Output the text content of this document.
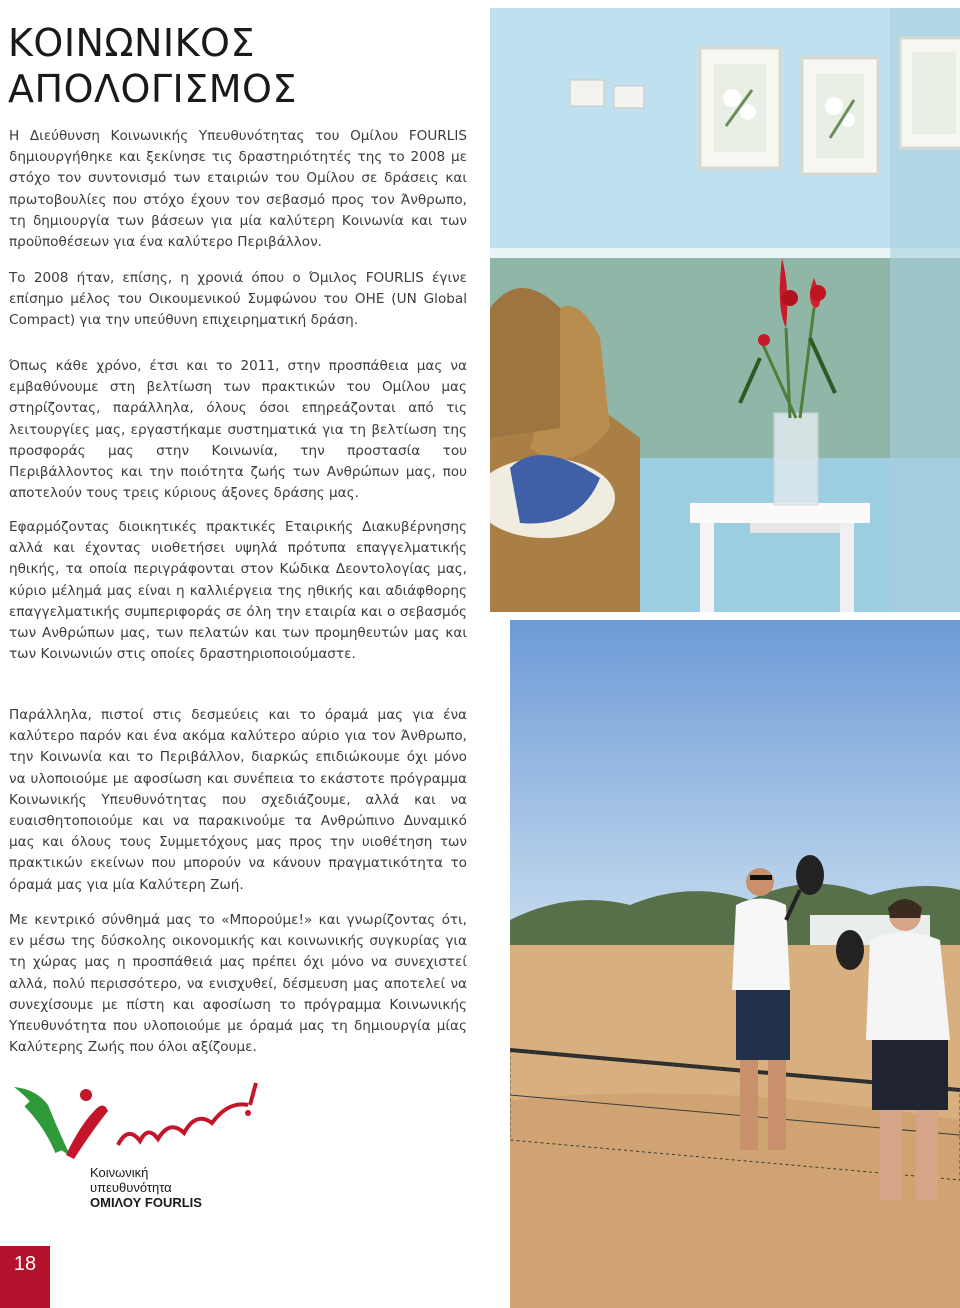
ΚΟΙΝΩΝΙΚΟΣ ΑΠΟΛΟΓΙΣΜΟΣ

Η Διεύθυνση Κοινωνικής Υπευθυνότητας του Ομίλου FOURLIS δημιουργήθηκε και ξεκίνησε τις δραστηριότητές της το 2008 με στόχο τον συντονισμό των εταιριών του Ομίλου σε δράσεις και πρωτοβουλίες που στόχο έχουν τον σεβασμό προς τον Άνθρωπο, τη δημιουργία των βάσεων για μία καλύτερη Κοινωνία και των προϋποθέσεων για ένα καλύτερο Περιβάλλον.

Το 2008 ήταν, επίσης, η χρονιά όπου ο Όμιλος FOURLIS έγινε επίσημο μέλος του Οικουμενικού Συμφώνου του ΟΗΕ (UN Global Compact) για την υπεύθυνη επιχειρηματική δράση.

Όπως κάθε χρόνο, έτσι και το 2011, στην προσπάθεια μας να εμβαθύνουμε στη βελτίωση των πρακτικών του Ομίλου μας στηρίζοντας, παράλληλα, όλους όσοι επηρεάζονται από τις λειτουργίες μας, εργαστήκαμε συστηματικά για τη βελτίωση της προσφοράς μας στην Κοινωνία, την προστασία του Περιβάλλοντος και την ποιότητα ζωής των Ανθρώπων μας, που αποτελούν τους τρεις κύριους άξονες δράσης μας.

Εφαρμόζοντας διοικητικές πρακτικές Εταιρικής Διακυβέρνησης αλλά και έχοντας υιοθετήσει υψηλά πρότυπα επαγγελματικής ηθικής, τα οποία περιγράφονται στον Κώδικα Δεοντολογίας μας, κύριο μέλημά μας είναι η καλλιέργεια της ηθικής και αδιάφθορης επαγγελματικής συμπεριφοράς σε όλη την εταιρία και ο σεβασμός των Ανθρώπων μας, των πελατών και των προμηθευτών μας και των Κοινωνιών στις οποίες δραστηριοποιούμαστε.

Παράλληλα, πιστοί στις δεσμεύεις και το όραμά μας για ένα καλύτερο παρόν και ένα ακόμα καλύτερο αύριο για τον Άνθρωπο, την Κοινωνία και το Περιβάλλον, διαρκώς επιδιώκουμε όχι μόνο να υλοποιούμε με αφοσίωση και συνέπεια το εκάστοτε πρόγραμμα Κοινωνικής Υπευθυνότητας που σχεδιάζουμε, αλλά και να ευαισθητοποιούμε και να παρακινούμε τα Ανθρώπινο Δυναμικό μας και όλους τους Συμμετόχους μας προς την υιοθέτηση των πρακτικών εκείνων που μπορούν να κάνουν πραγματικότητα το όραμά μας για μία Καλύτερη Ζωή.

Με κεντρικό σύνθημά μας το «Μπορούμε!» και γνωρίζοντας ότι, εν μέσω της δύσκολης οικονομικής και κοινωνικής συγκυρίας για τη χώρας μας η προσπάθειά μας πρέπει όχι μόνο να συνεχιστεί αλλά, πολύ περισσότερο, να ενισχυθεί, δέσμευση μας αποτελεί να συνεχίσουμε με πίστη και αφοσίωση το πρόγραμμα Κοινωνικής Υπευθυνότητα που υλοποιούμε με όραμά μας τη δημιουργία μίας Καλύτερης Ζωής που όλοι αξίζουμε.

Κοινωνική

υπευθυνότητα

ΟΜΙΛΟΥ FOURLIS

18
